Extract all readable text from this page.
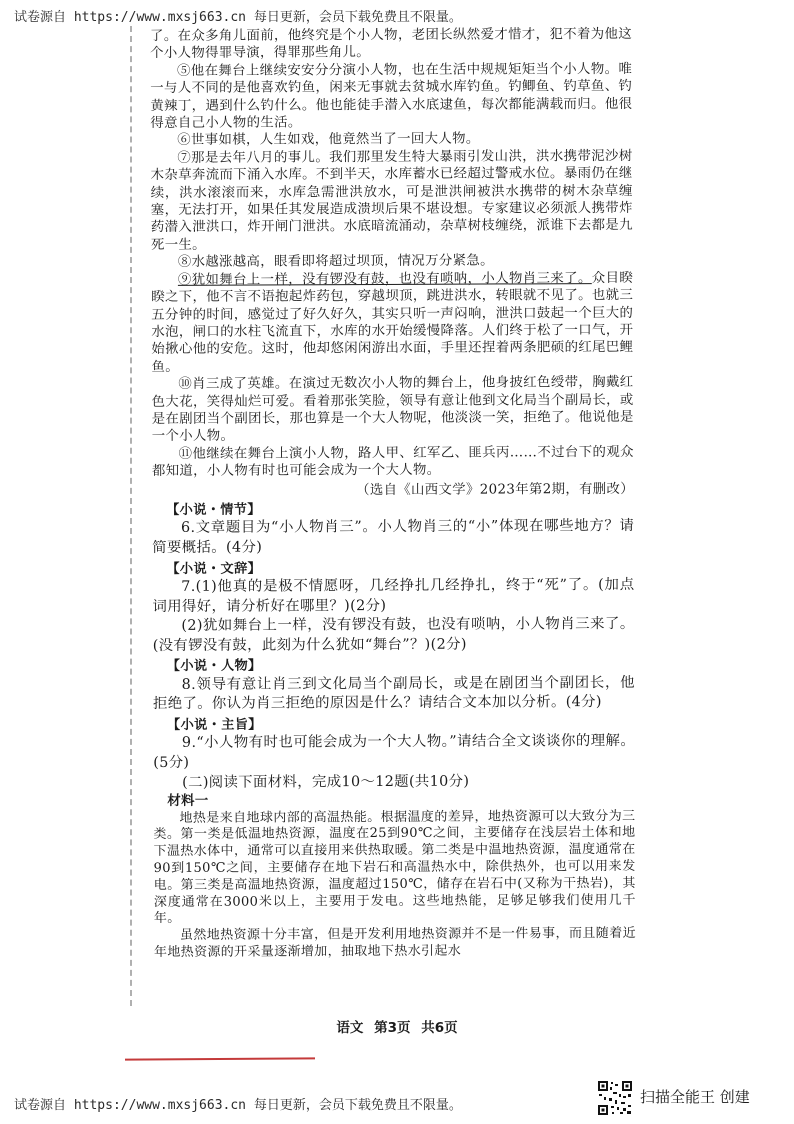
试卷源自 https://www.mxsj663.cn 每日更新，会员下载免费且不限量。

了。在众多角儿面前，他终究是个小人物，老团长纵然爱才惜才，犯不着为他这个小人物得罪导演，得罪那些角儿。

⑤他在舞台上继续安安分分演小人物，也在生活中规规矩矩当个小人物。唯一与人不同的是他喜欢钓鱼，闲来无事就去贫城水库钓鱼。钓鲫鱼、钓草鱼、钓黄辣丁，遇到什么钓什么。他也能徒手潜入水底逮鱼，每次都能满载而归。他很得意自己小人物的生活。

⑥世事如棋，人生如戏，他竟然当了一回大人物。

⑦那是去年八月的事儿。我们那里发生特大暴雨引发山洪，洪水携带泥沙树木杂草奔流而下涌入水库。不到半天，水库蓄水已经超过警戒水位。暴雨仍在继续，洪水滚滚而来，水库急需泄洪放水，可是泄洪闸被洪水携带的树木杂草缠塞，无法打开，如果任其发展造成溃坝后果不堪设想。专家建议必须派人携带炸药潜入泄洪口，炸开闸门泄洪。水底暗流涌动，杂草树枝缠绕，派谁下去都是九死一生。

⑧水越涨越高，眼看即将超过坝顶，情况万分紧急。

⑨犹如舞台上一样，没有锣没有鼓，也没有唢呐，小人物肖三来了。众目睽睽之下，他不言不语抱起炸药包，穿越坝顶，跳进洪水，转眼就不见了。也就三五分钟的时间，感觉过了好久好久，其实只听一声闷响，泄洪口鼓起一个巨大的水泡，闸口的水柱飞流直下，水库的水开始缓慢降落。人们终于松了一口气，开始揪心他的安危。这时，他却悠闲闲游出水面，手里还捏着两条肥硕的红尾巴鲤鱼。

⑩肖三成了英雄。在演过无数次小人物的舞台上，他身披红色绶带，胸戴红色大花，笑得灿烂可爱。看着那张笑脸，领导有意让他到文化局当个副局长，或是在剧团当个副团长，那也算是一个大人物呢，他淡淡一笑，拒绝了。他说他是一个小人物。

⑪他继续在舞台上演小人物，路人甲、红军乙、匪兵丙……不过台下的观众都知道，小人物有时也可能会成为一个大人物。

（选自《山西文学》2023年第2期，有删改）

【小说・情节】

6.文章题目为“小人物肖三”。小人物肖三的“小”体现在哪些地方？请简要概括。(4分)

【小说・文辞】

7.(1)他真的是极不情愿呀，几经挣扎几经挣扎，终于“死”了。(加点词用得好，请分析好在哪里？)(2分)

(2)犹如舞台上一样，没有锣没有鼓，也没有唢呐，小人物肖三来了。(没有锣没有鼓，此刻为什么犹如“舞台”？)(2分)

【小说・人物】

8.领导有意让肖三到文化局当个副局长，或是在剧团当个副团长，他拒绝了。你认为肖三拒绝的原因是什么？请结合文本加以分析。(4分)

【小说・主旨】

9.“小人物有时也可能会成为一个大人物。”请结合全文谈谈你的理解。(5分)

(二)阅读下面材料，完成10～12题(共10分)

材料一

地热是来自地球内部的高温热能。根据温度的差异，地热资源可以大致分为三类。第一类是低温地热资源，温度在25到90℃之间，主要储存在浅层岩土体和地下温热水体中，通常可以直接用来供热取暖。第二类是中温地热资源，温度通常在90到150℃之间，主要储存在地下岩石和高温热水中，除供热外，也可以用来发电。第三类是高温地热资源，温度超过150℃，储存在岩石中(又称为干热岩)，其深度通常在3000米以上，主要用于发电。这些地热能，足够足够我们使用几千年。

虽然地热资源十分丰富，但是开发利用地热资源并不是一件易事，而且随着近年地热资源的开采量逐渐增加，抽取地下热水引起水

语文 第3页 共6页
试卷源自 https://www.mxsj663.cn 每日更新，会员下载免费且不限量。	扫描全能王 创建
